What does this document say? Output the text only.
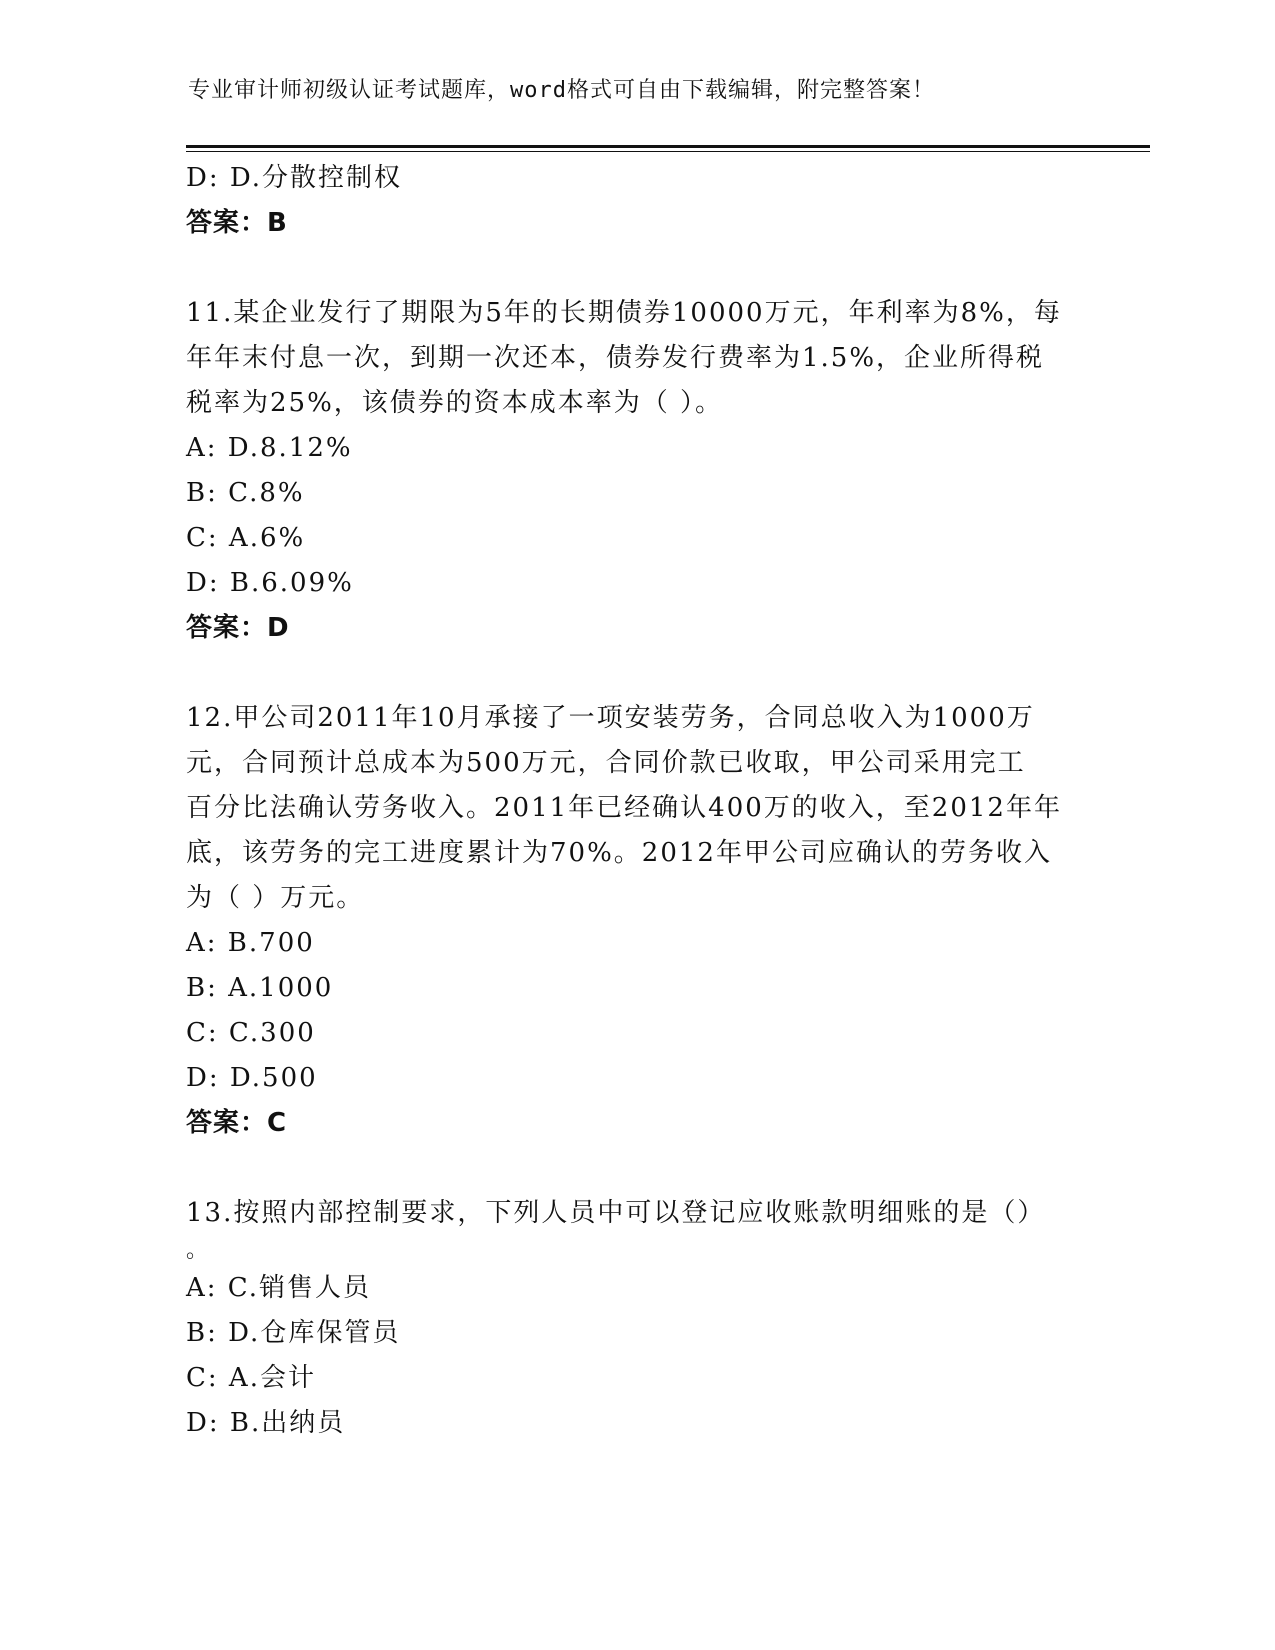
专业审计师初级认证考试题库，word格式可自由下载编辑，附完整答案！
D: D.分散控制权
答案：B
11.某企业发行了期限为5年的长期债券10000万元，年利率为8%，每
年年末付息一次，到期一次还本，债券发行费率为1.5%，企业所得税
税率为25%，该债券的资本成本率为（ ）。
A: D.8.12%
B: C.8%
C: A.6%
D: B.6.09%
答案：D
12.甲公司2011年10月承接了一项安装劳务，合同总收入为1000万
元，合同预计总成本为500万元，合同价款已收取，甲公司采用完工
百分比法确认劳务收入。2011年已经确认400万的收入，至2012年年
底，该劳务的完工进度累计为70%。2012年甲公司应确认的劳务收入
为（ ）万元。
A: B.700
B: A.1000
C: C.300
D: D.500
答案：C
13.按照内部控制要求，下列人员中可以登记应收账款明细账的是（）
。
A: C.销售人员
B: D.仓库保管员
C: A.会计
D: B.出纳员
